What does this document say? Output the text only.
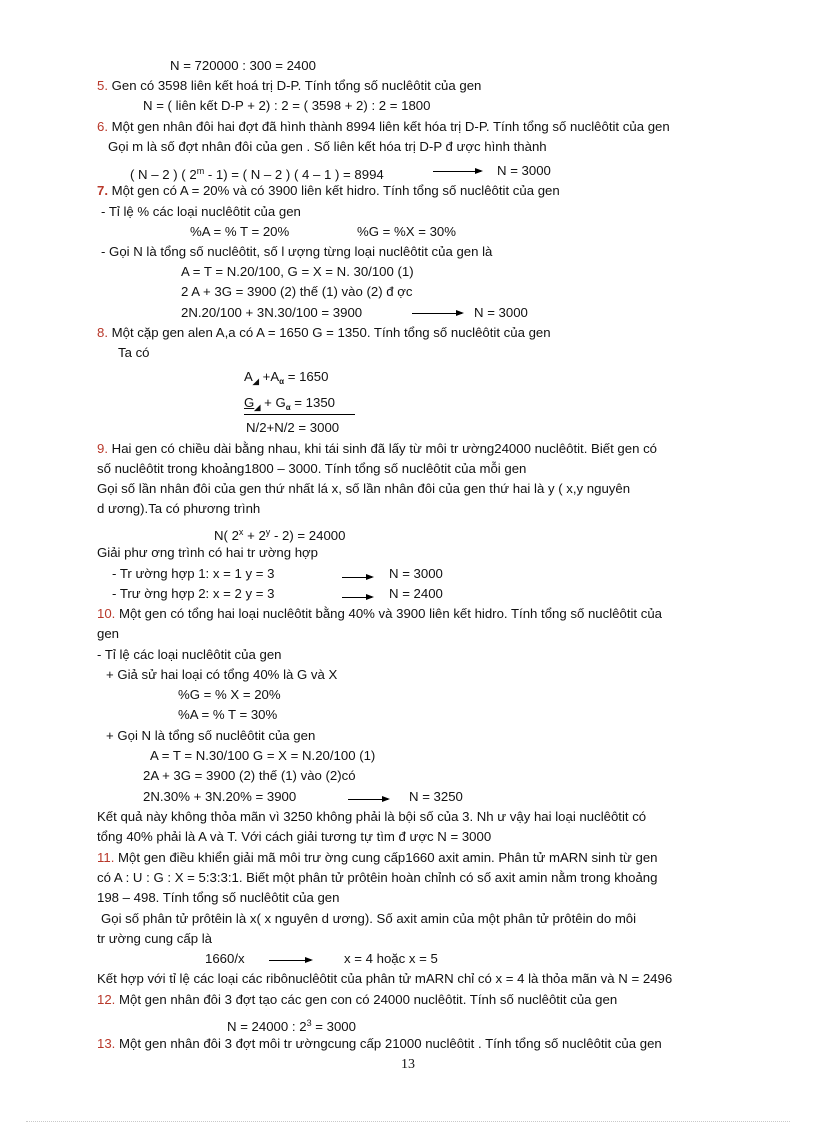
N = 720000 : 300 = 2400
5. Gen có 3598 liên kết hoá trị D-P. Tính tổng số nuclêôtit của gen
N = ( liên kết D-P + 2) : 2 = ( 3598 + 2) : 2 = 1800
6. Một gen nhân đôi hai đợt đã hình thành 8994 liên kết hóa trị D-P. Tính tổng số nuclêôtit của gen
Gọi m là số đợt nhân đôi của gen . Số liên kết hóa trị D-P đ ược hình thành
( N – 2 ) ( 2$^m$ - 1) = ( N – 2 ) ( 4 – 1 ) = 8994	N = 3000
7. Một gen có A = 20% và có 3900 liên kết hidro. Tính tổng số nuclêôtit của gen
- Tỉ lệ % các loại nuclêôtit của gen
%A = % T = 20%	%G = %X = 30%
- Gọi N là tổng số nuclêôtit, số l ượng từng loại nuclêôtit của gen là
A = T = N.20/100, G = X = N. 30/100 (1)
2 A + 3G = 3900 (2) thế (1) vào (2) đ ợc
2N.20/100 + 3N.30/100 = 3900	N = 3000
8. Một cặp gen alen A,a có A = 1650 G = 1350. Tính tổng số nuclêôtit của gen
Ta có
$A_◢ +A_\alpha = 1650$
$G_◢ + G_\alpha = 1350$
N/2+N/2 = 3000
9. Hai gen có chiều dài bằng nhau, khi tái sinh đã lấy từ môi tr ường24000 nuclêôtit. Biết gen có
số nuclêôtit trong khoảng1800 – 3000. Tính tổng số nuclêôtit của mỗi gen
Gọi số lần nhân đôi của gen thứ nhất lá x, số lần nhân đôi của gen thứ hai là y ( x,y nguyên
d ương).Ta có phương trình
N( $2^x + 2^y - 2) = 24000$
Giải phư ơng trình có hai tr ường hợp
- Tr ường hợp 1: x = 1 y = 3	N = 3000
- Trư ờng hợp 2: x = 2 y = 3	N = 2400
10. Một gen có tổng hai loại nuclêôtit bằng 40% và 3900 liên kết hidro. Tính tổng số nuclêôtit của
gen
- Tỉ lệ các loại nuclêôtit của gen
+ Giả sử hai loại có tổng 40% là G và X
%G = % X = 20%
%A = % T = 30%
+ Gọi N là tổng số nuclêôtit của gen
A = T = N.30/100 G = X = N.20/100 (1)
2A + 3G = 3900 (2) thế (1) vào (2)có
2N.30% + 3N.20% = 3900	N = 3250
Kết quả này không thỏa mãn vì 3250 không phải là bội số của 3. Nh ư vậy hai loại nuclêôtit có
tổng 40% phải là A và T. Với cách giải tương tự tìm đ ược N = 3000
11. Một gen điều khiển giải mã môi trư ờng cung cấp1660 axit amin. Phân tử mARN sinh từ gen
có A : U : G : X = 5:3:3:1. Biết một phân tử prôtêin hoàn chỉnh có số axit amin nằm trong khoảng
198 – 498. Tính tổng số nuclêôtit của gen
Gọi số phân tử prôtêin là x( x nguyên d ương). Số axit amin của một phân tử prôtêin do môi
tr ường cung cấp là
1660/x	x = 4 hoặc x = 5
Kết hợp với tỉ lệ các loại các ribônuclêôtit của phân tử mARN chỉ có x = 4 là thỏa mãn và N = 2496
12. Một gen nhân đôi 3 đợt tạo các gen con có 24000 nuclêôtit. Tính số nuclêôtit của gen
N = 24000 : $2^3 = 3000$
13. Một gen nhân đôi 3 đợt môi tr ườngcung cấp 21000 nuclêôtit . Tính tổng số nuclêôtit của gen
13
